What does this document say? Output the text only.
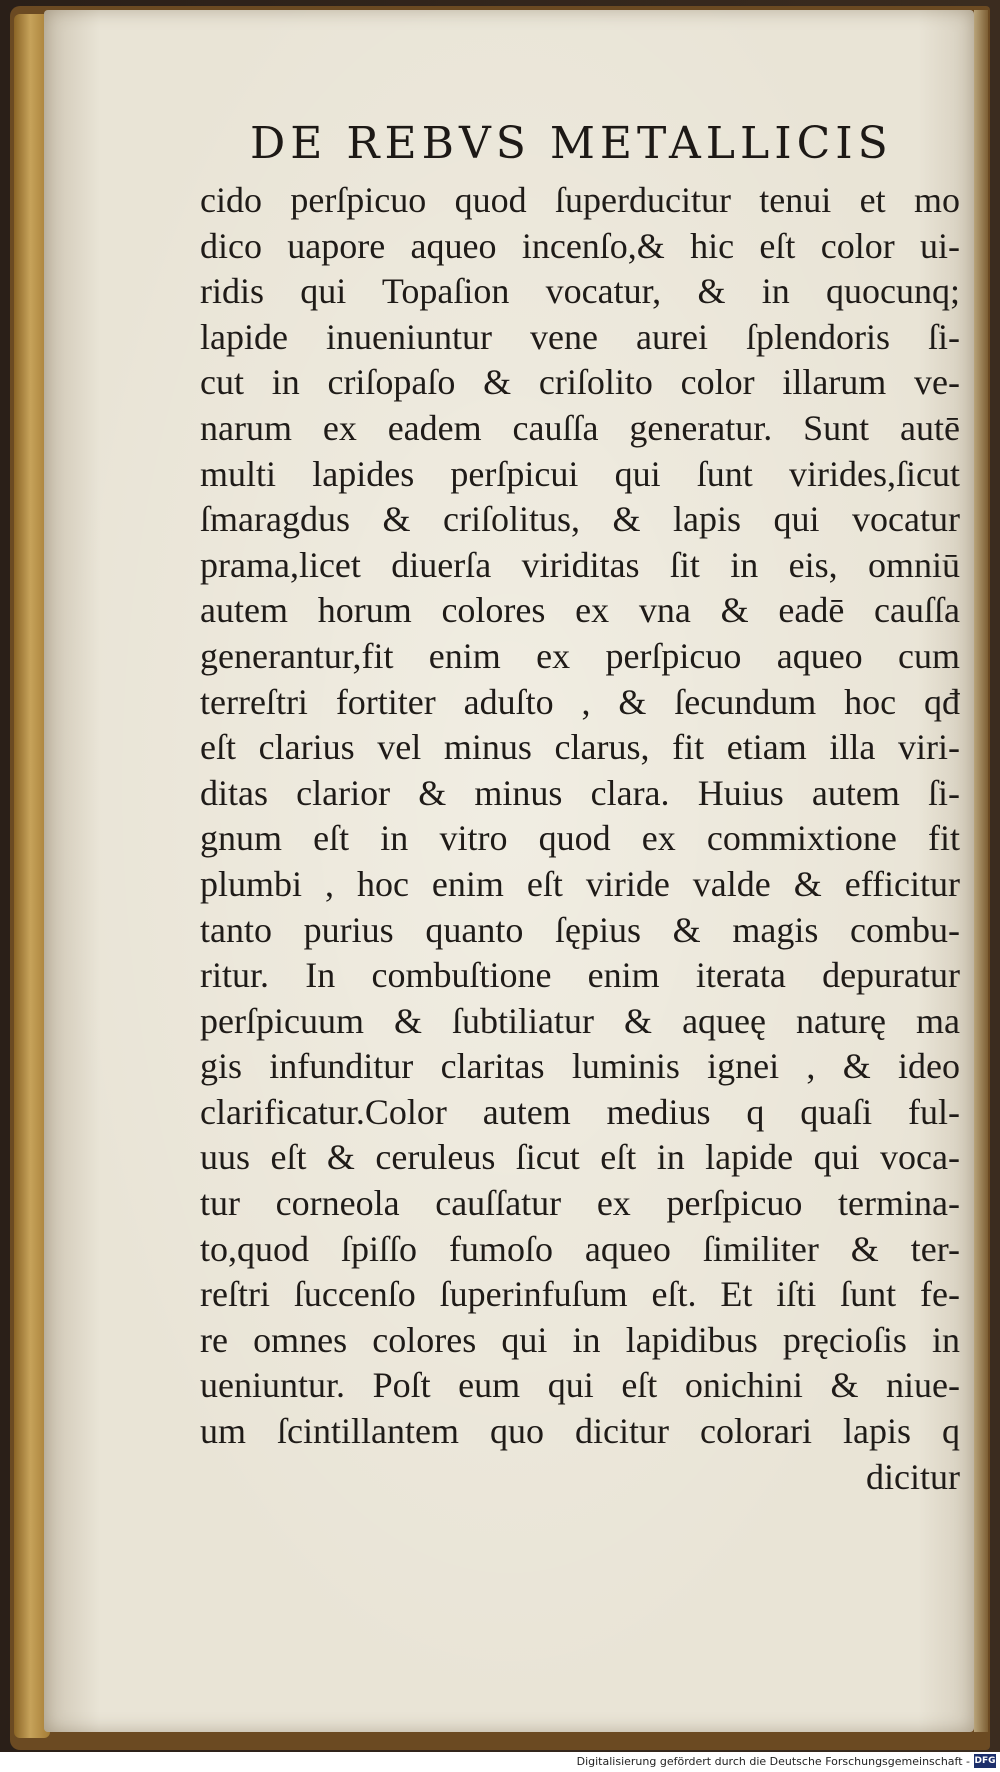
DE REBVS METALLICIS
cido perſpicuo quod ſuperducitur tenui et mo
dico uapore aqueo incenſo,& hic eſt color ui-
ridis qui Topaſion vocatur, & in quocunq;
lapide inueniuntur vene aurei ſplendoris ſi-
cut in criſopaſo & criſolito color illarum ve-
narum ex eadem cauſſa generatur. Sunt autē
multi lapides perſpicui qui ſunt virides,ſicut
ſmaragdus & criſolitus, & lapis qui vocatur
prama,licet diuerſa viriditas ſit in eis, omniū
autem horum colores ex vna & eadē cauſſa
generantur,fit enim ex perſpicuo aqueo cum
terreſtri fortiter aduſto , & ſecundum hoc qđ
eſt clarius vel minus clarus, fit etiam illa viri-
ditas clarior & minus clara. Huius autem ſi-
gnum eſt in vitro quod ex commixtione fit
plumbi , hoc enim eſt viride valde & efficitur
tanto purius quanto ſępius & magis combu-
ritur. In combuſtione enim iterata depuratur
perſpicuum & ſubtiliatur & aqueę naturę ma
gis infunditur claritas luminis ignei , & ideo
clarificatur.Color autem medius q quaſi ful-
uus eſt & ceruleus ſicut eſt in lapide qui voca-
tur corneola cauſſatur ex perſpicuo termina-
to,quod ſpiſſo fumoſo aqueo ſimiliter & ter-
reſtri ſuccenſo ſuperinfuſum eſt. Et iſti ſunt fe-
re omnes colores qui in lapidibus pręcioſis in
ueniuntur. Poſt eum qui eſt onichini & niue-
um ſcintillantem quo dicitur colorari lapis q
dicitur
Digitalisierung gefördert durch die Deutsche Forschungsgemeinschaft - DFG
